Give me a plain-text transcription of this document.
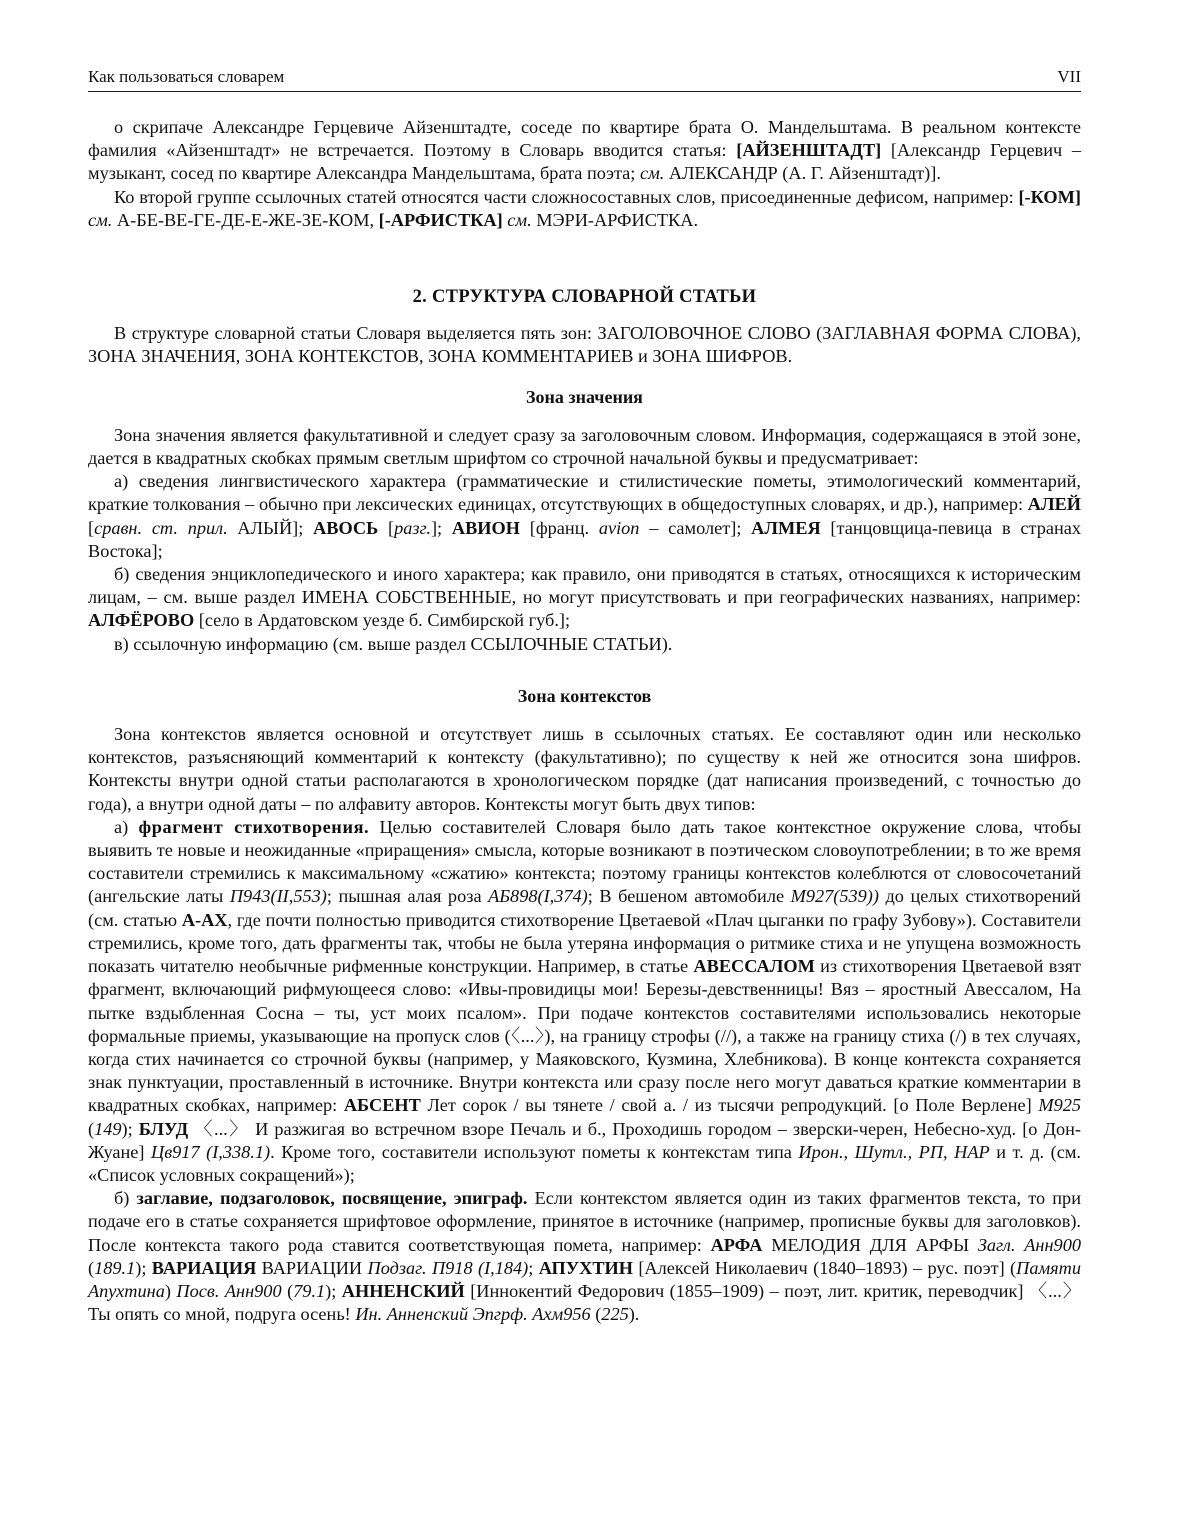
Как пользоваться словарем	VII

о скрипаче Александре Герцевиче Айзенштадте, соседе по квартире брата О. Мандельштама. В реальном контексте фамилия «Айзенштадт» не встречается. Поэтому в Словарь вводится статья: [АЙЗЕНШТАДТ] [Александр Герцевич – музыкант, сосед по квартире Александра Мандельштама, брата поэта; см. АЛЕКСАНДР (А. Г. Айзенштадт)].

Ко второй группе ссылочных статей относятся части сложносоставных слов, присоединенные дефисом, например: [-КОМ] см. А-БЕ-ВЕ-ГЕ-ДЕ-Е-ЖЕ-ЗЕ-КОМ, [-АРФИСТКА] см. МЭРИ-АРФИСТКА.

2. СТРУКТУРА СЛОВАРНОЙ СТАТЬИ

В структуре словарной статьи Словаря выделяется пять зон: ЗАГОЛОВОЧНОЕ СЛОВО (ЗАГЛАВНАЯ ФОРМА СЛОВА), ЗОНА ЗНАЧЕНИЯ, ЗОНА КОНТЕКСТОВ, ЗОНА КОММЕНТАРИЕВ и ЗОНА ШИФРОВ.

Зона значения

Зона значения является факультативной и следует сразу за заголовочным словом. Информация, содержащаяся в этой зоне, дается в квадратных скобках прямым светлым шрифтом со строчной начальной буквы и предусматривает:

а) сведения лингвистического характера (грамматические и стилистические пометы, этимологический комментарий, краткие толкования – обычно при лексических единицах, отсутствующих в общедоступных словарях, и др.), например: АЛЕЙ [сравн. ст. прил. АЛЫЙ]; АВОСЬ [разг.]; АВИОН [франц. avion – самолет]; АЛМЕЯ [танцовщица-певица в странах Востока];

б) сведения энциклопедического и иного характера; как правило, они приводятся в статьях, относящихся к историческим лицам, – см. выше раздел ИМЕНА СОБСТВЕННЫЕ, но могут присутствовать и при географических названиях, например: АЛФЁРОВО [село в Ардатовском уезде б. Симбирской губ.];

в) ссылочную информацию (см. выше раздел ССЫЛОЧНЫЕ СТАТЬИ).

Зона контекстов

Зона контекстов является основной и отсутствует лишь в ссылочных статьях. Ее составляют один или несколько контекстов, разъясняющий комментарий к контексту (факультативно); по существу к ней же относится зона шифров. Контексты внутри одной статьи располагаются в хронологическом порядке (дат написания произведений, с точностью до года), а внутри одной даты – по алфавиту авторов. Контексты могут быть двух типов:

а) фрагмент стихотворения. Целью составителей Словаря было дать такое контекстное окружение слова, чтобы выявить те новые и неожиданные «приращения» смысла, которые возникают в поэтическом словоупотреблении; в то же время составители стремились к максимальному «сжатию» контекста; поэтому границы контекстов колеблются от словосочетаний (ангельские латы П943(II,553); пышная алая роза АБ898(I,374); В бешеном автомобиле М927(539)) до целых стихотворений (см. статью А-АХ, где почти полностью приводится стихотворение Цветаевой «Плач цыганки по графу Зубову»). Составители стремились, кроме того, дать фрагменты так, чтобы не была утеряна информация о ритмике стиха и не упущена возможность показать читателю необычные рифменные конструкции. Например, в статье АВЕССАЛОМ из стихотворения Цветаевой взят фрагмент, включающий рифмующееся слово: «Ивы-провидицы мои! Березы-девственницы! Вяз – яростный Авессалом, На пытке вздыбленная Сосна – ты, уст моих псалом». При подаче контекстов составителями использовались некоторые формальные приемы, указывающие на пропуск слов (〈...〉), на границу строфы (//), а также на границу стиха (/) в тех случаях, когда стих начинается со строчной буквы (например, у Маяковского, Кузмина, Хлебникова). В конце контекста сохраняется знак пунктуации, проставленный в источнике. Внутри контекста или сразу после него могут даваться краткие комментарии в квадратных скобках, например: АБСЕНТ Лет сорок / вы тянете / свой а. / из тысячи репродукций. [о Поле Верлене] М925 (149); БЛУД 〈...〉 И разжигая во встречном взоре Печаль и б., Проходишь городом – зверски-черен, Небесно-худ. [о Дон-Жуане] Цв917 (I,338.1). Кроме того, составители используют пометы к контекстам типа Ирон., Шутл., РП, НАР и т. д. (см. «Список условных сокращений»);

б) заглавие, подзаголовок, посвящение, эпиграф. Если контекстом является один из таких фрагментов текста, то при подаче его в статье сохраняется шрифтовое оформление, принятое в источнике (например, прописные буквы для заголовков). После контекста такого рода ставится соответствующая помета, например: АРФА МЕЛОДИЯ ДЛЯ АРФЫ Загл. Анн900 (189.1); ВАРИАЦИЯ ВАРИАЦИИ Подзаг. П918 (I,184); АПУХТИН [Алексей Николаевич (1840–1893) – рус. поэт] (Памяти Апухтина) Посв. Анн900 (79.1); АННЕНСКИЙ [Иннокентий Федорович (1855–1909) – поэт, лит. критик, переводчик] 〈...〉 Ты опять со мной, подруга осень! Ин. Анненский Эпгрф. Ахм956 (225).
